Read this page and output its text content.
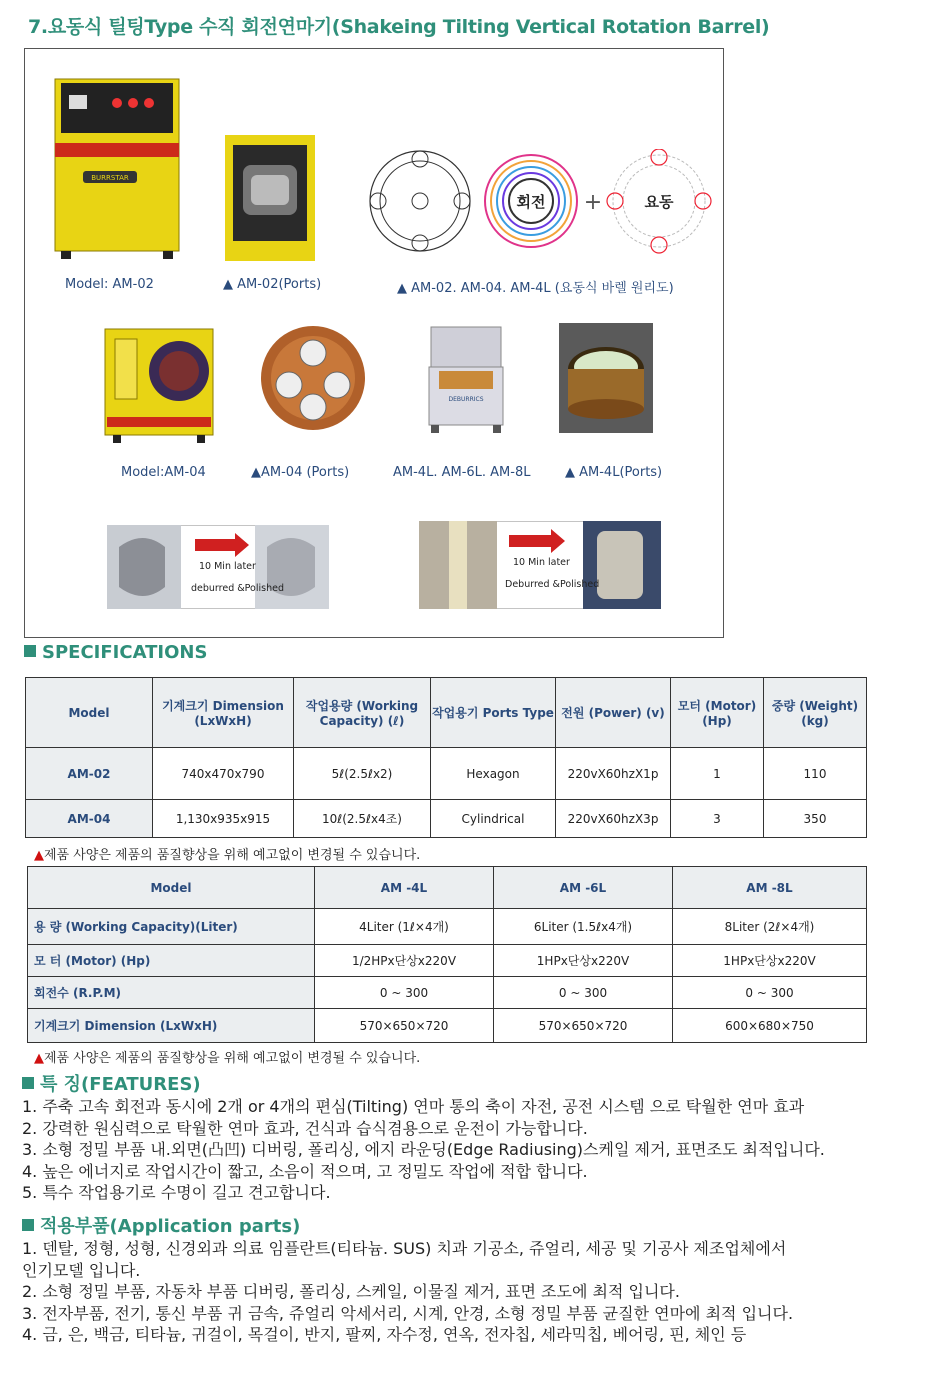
7.요동식 틸팅Type 수직 회전연마기(Shakeing Tilting Vertical Rotation Barrel)
BURRSTAR
Model: AM-02	▲ AM-02(Ports)
회전 +	요동
▲ AM-02. AM-04. AM-4L (요동식 바렐 원리도)
Model:AM-04	▲AM-04 (Ports)
DEBURRICS
AM-4L. AM-6L. AM-8L	▲ AM-4L(Ports)
10 Min later
deburred &Polished
10 Min later
Deburred &Polished
SPECIFICATIONS
Model	기계크기 Dimension (LxWxH)	작업용량 (Working Capacity) (ℓ)	작업용기 Ports Type	전원 (Power) (v)	모터 (Motor) (Hp)	중량 (Weight) (kg)
AM-02	740x470x790	5ℓ(2.5ℓx2)	Hexagon	220vX60hzX1p	1	110
AM-04	1,130x935x915	10ℓ(2.5ℓx4조)	Cylindrical	220vX60hzX3p	3	350
▲제품 사양은 제품의 품질향상을 위해 예고없이 변경될 수 있습니다.
Model	AM -4L	AM -6L	AM -8L
용 량 (Working Capacity)(Liter)	4Liter (1ℓ×4개)	6Liter (1.5ℓx4개)	8Liter (2ℓ×4개)
모 터 (Motor) (Hp)	1/2HPx단상x220V	1HPx단상x220V	1HPx단상x220V
회전수 (R.P.M)	0 ~ 300	0 ~ 300	0 ~ 300
기계크기 Dimension (LxWxH)	570×650×720	570×650×720	600×680×750
▲제품 사양은 제품의 품질향상을 위해 예고없이 변경될 수 있습니다.
특 징(FEATURES)
1. 주축 고속 회전과 동시에 2개 or 4개의 편심(Tilting) 연마 통의 축이 자전, 공전 시스템 으로 탁월한 연마 효과
2. 강력한 원심력으로 탁월한 연마 효과, 건식과 습식겸용으로 운전이 가능합니다.
3. 소형 정밀 부품 내.외면(凸凹) 디버링, 폴리싱, 에지 라운딩(Edge Radiusing)스케일 제거, 표면조도 최적입니다.
4. 높은 에너지로 작업시간이 짧고, 소음이 적으며, 고 정밀도 작업에 적합 합니다.
5. 특수 작업용기로 수명이 길고 견고합니다.
적용부품(Application parts)
1. 덴탈, 정형, 성형, 신경외과 의료 임플란트(티타늄. SUS) 치과 기공소, 쥬얼리, 세공 및 기공사 제조업체에서
인기모델 입니다.
2. 소형 정밀 부품, 자동차 부품 디버링, 폴리싱, 스케일, 이물질 제거, 표면 조도에 최적 입니다.
3. 전자부품, 전기, 통신 부품 귀 금속, 쥬얼리 악세서리, 시계, 안경, 소형 정밀 부품 균질한 연마에 최적 입니다.
4. 금, 은, 백금, 티타늄, 귀걸이, 목걸이, 반지, 팔찌, 자수정, 연옥, 전자칩, 세라믹칩, 베어링, 핀, 체인 등
